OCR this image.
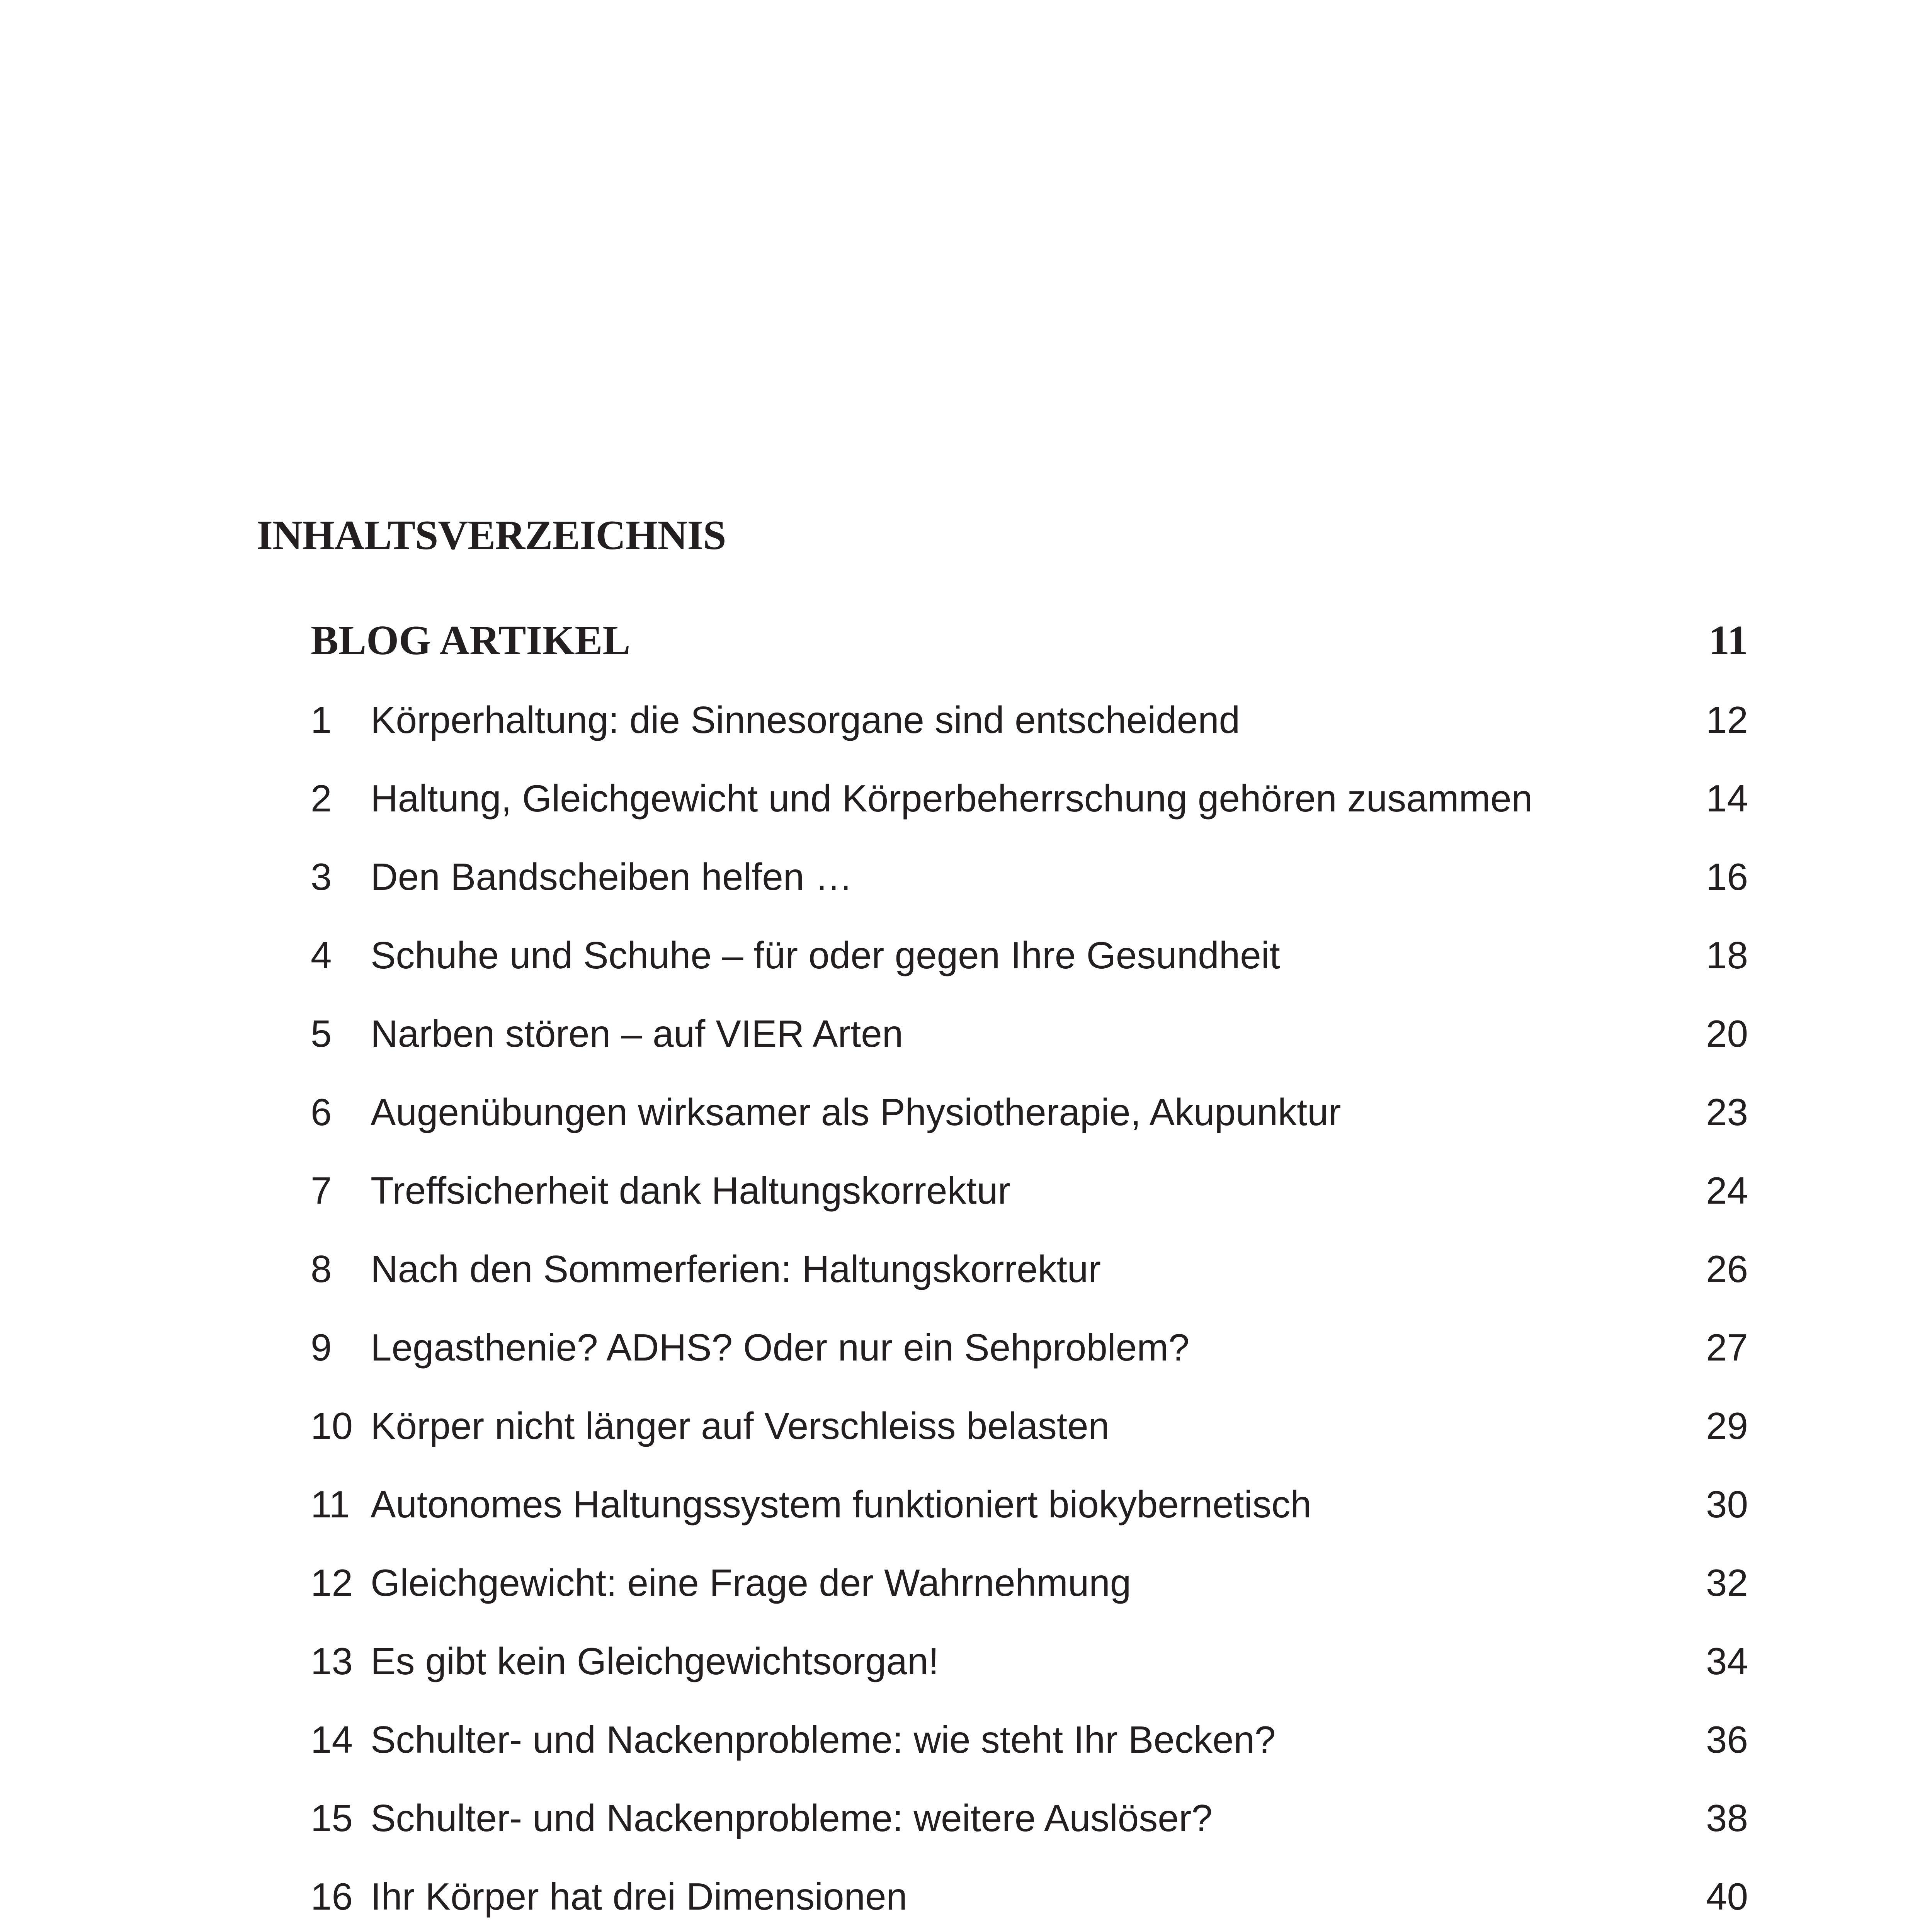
INHALTSVERZEICHNIS
BLOG ARTIKEL	11
1	Körperhaltung: die Sinnesorgane sind entscheidend	12
2	Haltung, Gleichgewicht und Körperbeherrschung gehören zusammen	14
3	Den Bandscheiben helfen …	16
4	Schuhe und Schuhe – für oder gegen Ihre Gesundheit	18
5	Narben stören – auf VIER Arten	20
6	Augenübungen wirksamer als Physiotherapie, Akupunktur	23
7	Treffsicherheit dank Haltungskorrektur	24
8	Nach den Sommerferien: Haltungskorrektur	26
9	Legasthenie? ADHS? Oder nur ein Sehproblem?	27
10 Körper nicht länger auf Verschleiss belasten	29
11 Autonomes Haltungssystem funktioniert biokybernetisch	30
12 Gleichgewicht: eine Frage der Wahrnehmung	32
13 Es gibt kein Gleichgewichtsorgan!	34
14 Schulter- und Nackenprobleme: wie steht Ihr Becken?	36
15 Schulter- und Nackenprobleme: weitere Auslöser?	38
16 Ihr Körper hat drei Dimensionen	40
